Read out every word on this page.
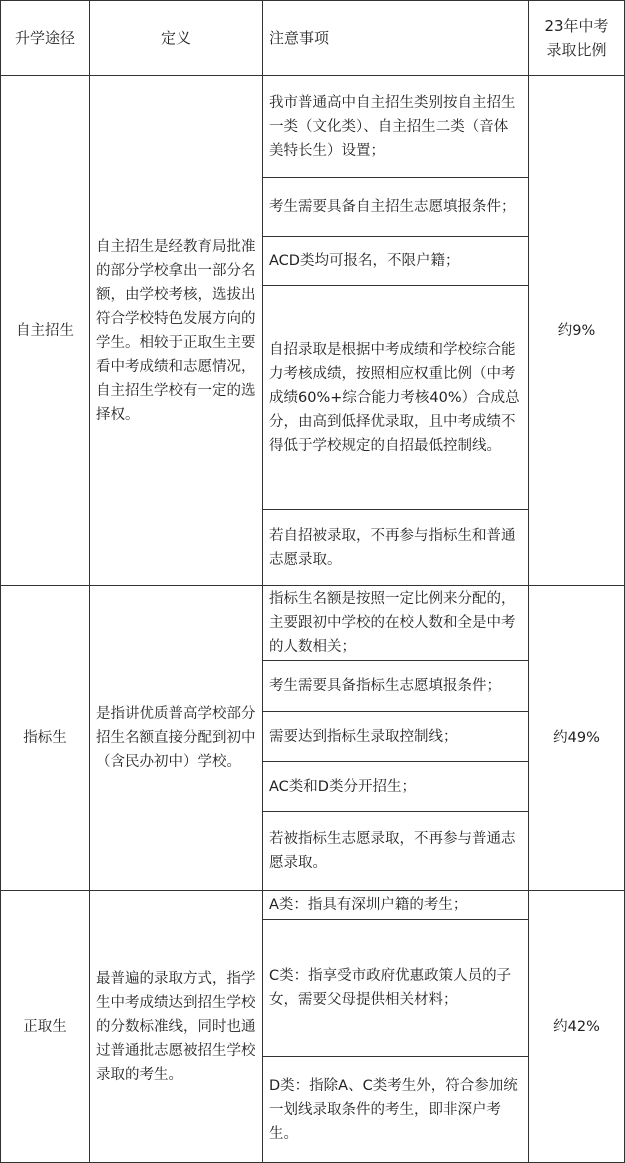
升学途径	定义	注意事项
23年中考录取比例
自主招生
自主招生是经教育局批准的部分学校拿出一部分名额，由学校考核，选拔出符合学校特色发展方向的学生。相较于正取生主要看中考成绩和志愿情况，自主招生学校有一定的选择权。
我市普通高中自主招生类别按自主招生一类（文化类）、自主招生二类（音体美特长生）设置；
考生需要具备自主招生志愿填报条件；
ACD类均可报名，不限户籍；
自招录取是根据中考成绩和学校综合能力考核成绩，按照相应权重比例（中考成绩60%+综合能力考核40%）合成总分，由高到低择优录取，且中考成绩不得低于学校规定的自招最低控制线。
若自招被录取，不再参与指标生和普通志愿录取。
约9%
指标生
是指讲优质普高学校部分招生名额直接分配到初中（含民办初中）学校。
指标生名额是按照一定比例来分配的，主要跟初中学校的在校人数和全是中考的人数相关；
考生需要具备指标生志愿填报条件；
需要达到指标生录取控制线；
AC类和D类分开招生；
若被指标生志愿录取，不再参与普通志愿录取。
约49%
正取生
最普遍的录取方式，指学生中考成绩达到招生学校的分数标准线，同时也通过普通批志愿被招生学校录取的考生。
A类：指具有深圳户籍的考生；
C类：指享受市政府优惠政策人员的子女，需要父母提供相关材料；
D类：指除A、C类考生外，符合参加统一划线录取条件的考生，即非深户考生。
约42%
